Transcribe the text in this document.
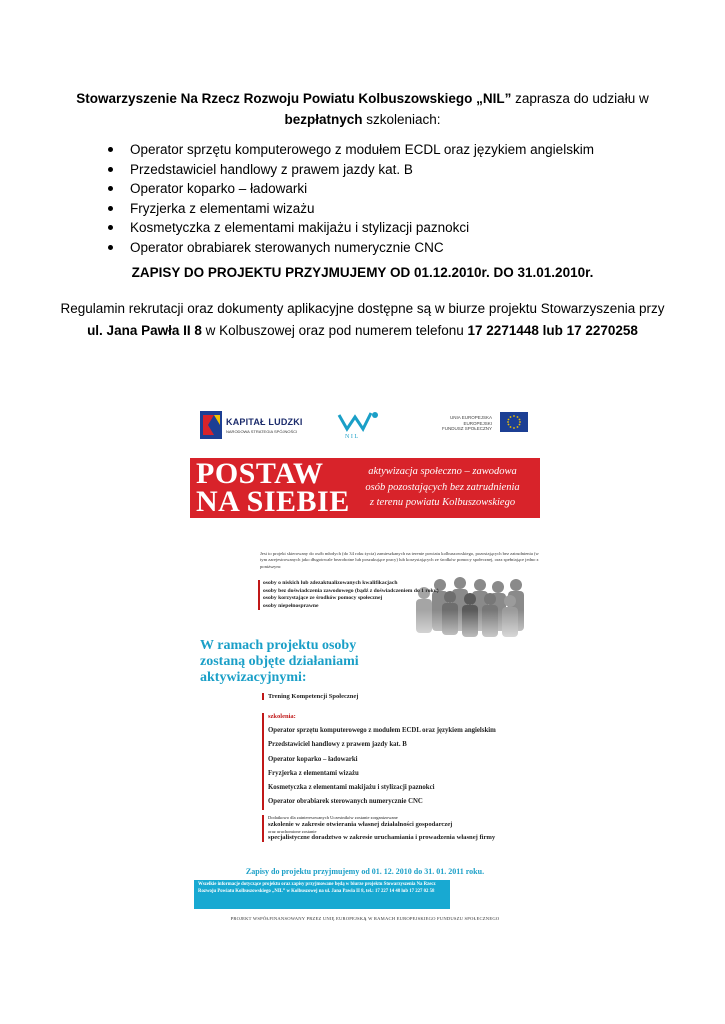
Stowarzyszenie Na Rzecz Rozwoju Powiatu Kolbuszowskiego „NIL” zaprasza do udziału w
bezpłatnych szkoleniach:
Operator sprzętu komputerowego z modułem ECDL oraz językiem angielskim
Przedstawiciel handlowy z prawem jazdy kat. B
Operator koparko – ładowarki
Fryzjerka z elementami wizażu
Kosmetyczka z elementami makijażu i stylizacji paznokci
Operator obrabiarek sterowanych numerycznie CNC
ZAPISY DO PROJEKTU PRZYJMUJEMY OD 01.12.2010r. DO 31.01.2010r.
Regulamin rekrutacji oraz dokumenty aplikacyjne dostępne są w biurze projektu Stowarzyszenia przy
ul. Jana Pawła II 8 w Kolbuszowej oraz pod numerem telefonu 17 2271448 lub 17 2270258
KAPITAŁ LUDZKI
NARODOWA STRATEGIA SPÓJNOŚCI
N I L
UNIA EUROPEJSKA
EUROPEJSKI
FUNDUSZ SPOŁECZNY
POSTAW
NA SIEBIE
aktywizacja społeczno – zawodowa
osób pozostających bez zatrudnienia
z terenu powiatu Kolbuszowskiego
Jest to projekt skierowany do osób młodych (do 34 roku życia) zamieszkanych na terenie powiatu kolbuszowskiego, pozostających bez zatrudnienia (w tym zarejestrowanych jako długotrwale bezrobotne lub poszukujące pracy) lub korzystających ze środków pomocy społecznej, oraz spełniające jedno z poniższym:
osoby o niskich lub zdezaktualizowanych kwalifikacjach
osoby bez doświadczenia zawodowego (bądź z doświadczeniem do 1 roku)
osoby korzystające ze środków pomocy społecznej
osoby niepełnosprawne
W ramach projektu osoby zostaną objęte działaniami aktywizacyjnymi:
Trening Kompetencji Społecznej
szkolenia:
Operator sprzętu komputerowego z modułem ECDL oraz językiem angielskim
Przedstawiciel handlowy z prawem jazdy kat. B
Operator koparko – ładowarki
Fryzjerka z elementami wizażu
Kosmetyczka z elementami makijażu i stylizacji paznokci
Operator obrabiarek sterowanych numerycznie CNC
Dodatkowo dla zainteresowanych Uczestników zostanie zorganizowane
szkolenie w zakresie otwierania własnej działalności gospodarczej
oraz uruchomione zostanie
specjalistyczne doradztwo w zakresie uruchamiania i prowadzenia własnej firmy
Zapisy do projektu przyjmujemy od 01. 12. 2010 do 31. 01. 2011 roku.
Wszelkie informacje dotyczące projektu oraz zapisy przyjmowane będą w biurze projektu Stowarzyszenia Na Rzecz Rozwoju Powiatu Kolbuszowskiego „NIL” w Kolbuszowej na ul. Jana Pawła II 8, tel.: 17 227 14 48 lub 17 227 02 58
PROJEKT WSPÓŁFINANSOWANY PRZEZ UNIĘ EUROPEJSKĄ W RAMACH EUROPEJSKIEGO FUNDUSZU SPOŁECZNEGO
